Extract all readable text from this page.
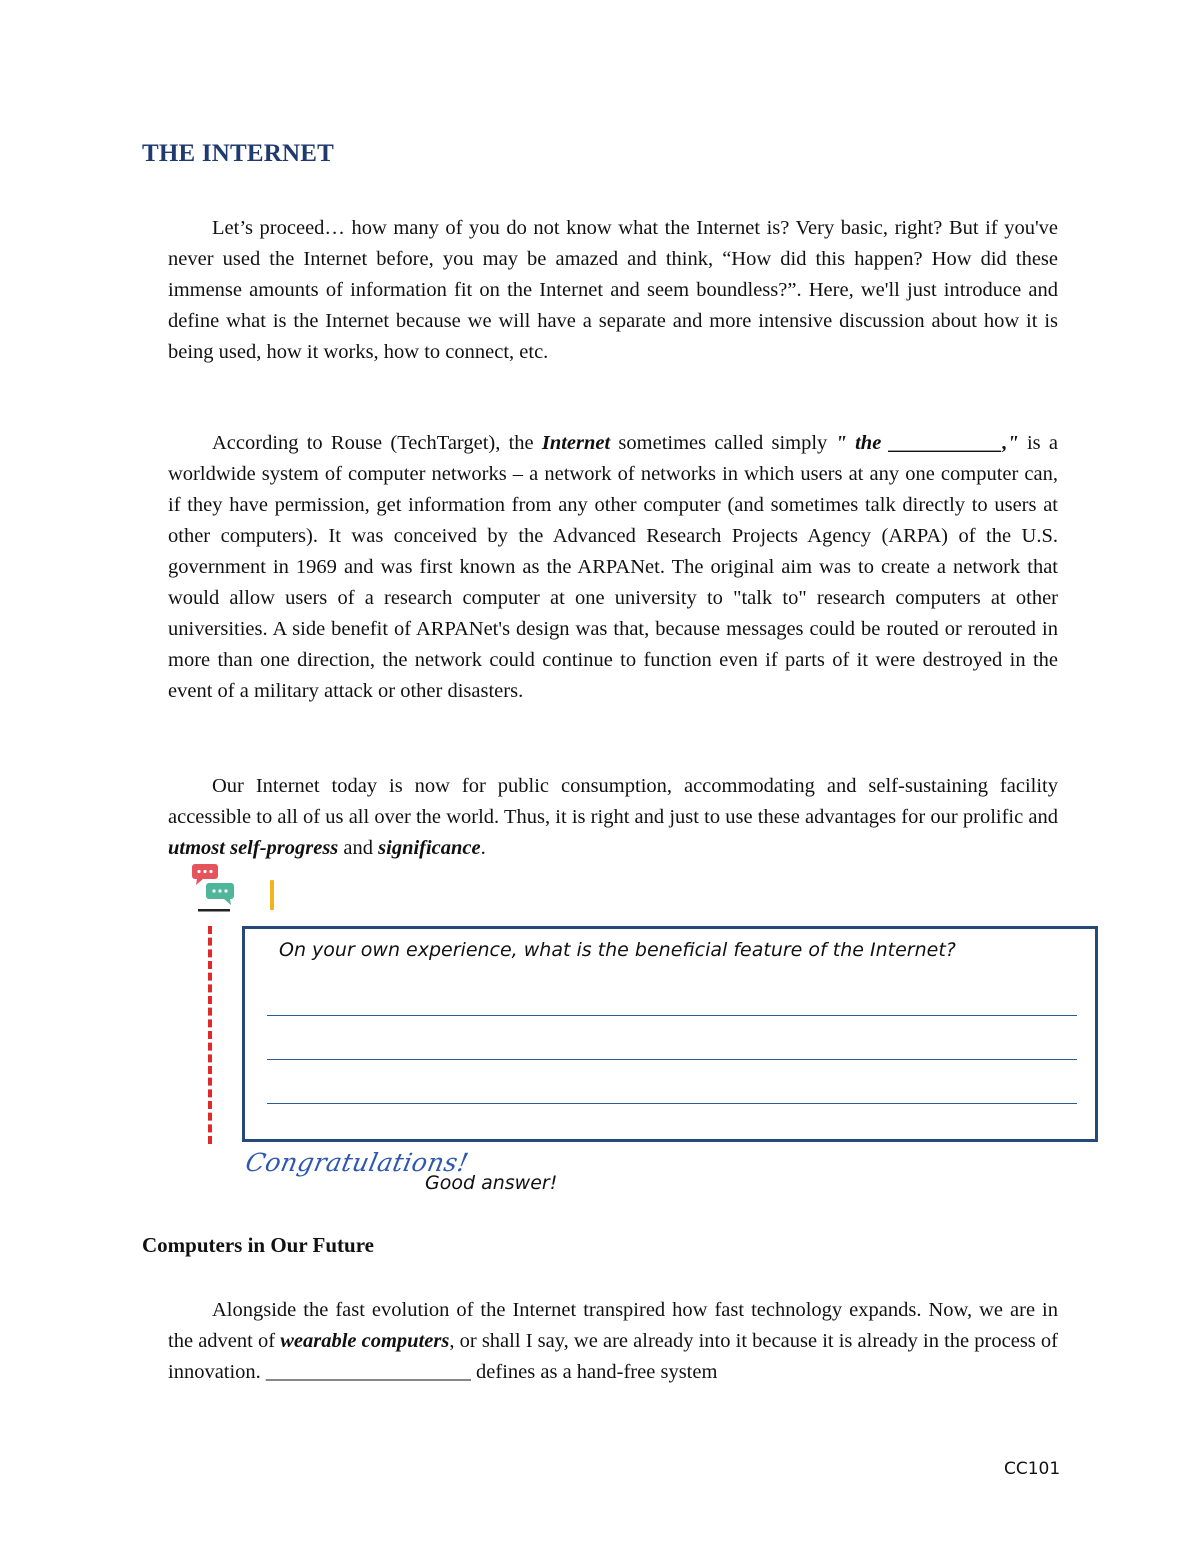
THE INTERNET

Let’s proceed… how many of you do not know what the Internet is? Very basic, right? But if you've never used the Internet before, you may be amazed and think, “How did this happen? How did these immense amounts of information fit on the Internet and seem boundless?”. Here, we'll just introduce and define what is the Internet because we will have a separate and more intensive discussion about how it is being used, how it works, how to connect, etc.

According to Rouse (TechTarget), the Internet sometimes called simply " the ___________," is a worldwide system of computer networks – a network of networks in which users at any one computer can, if they have permission, get information from any other computer (and sometimes talk directly to users at other computers). It was conceived by the Advanced Research Projects Agency (ARPA) of the U.S. government in 1969 and was first known as the ARPANet. The original aim was to create a network that would allow users of a research computer at one university to "talk to" research computers at other universities. A side benefit of ARPANet's design was that, because messages could be routed or rerouted in more than one direction, the network could continue to function even if parts of it were destroyed in the event of a military attack or other disasters.

Our Internet today is now for public consumption, accommodating and self-sustaining facility accessible to all of us all over the world. Thus, it is right and just to use these advantages for our prolific and utmost self-progress and significance.

On your own experience, what is the beneficial feature of the Internet?

Congratulations!

Good answer!

Computers in Our Future

Alongside the fast evolution of the Internet transpired how fast technology expands. Now, we are in the advent of wearable computers, or shall I say, we are already into it because it is already in the process of innovation. ____________________ defines as a hand-free system

CC101
